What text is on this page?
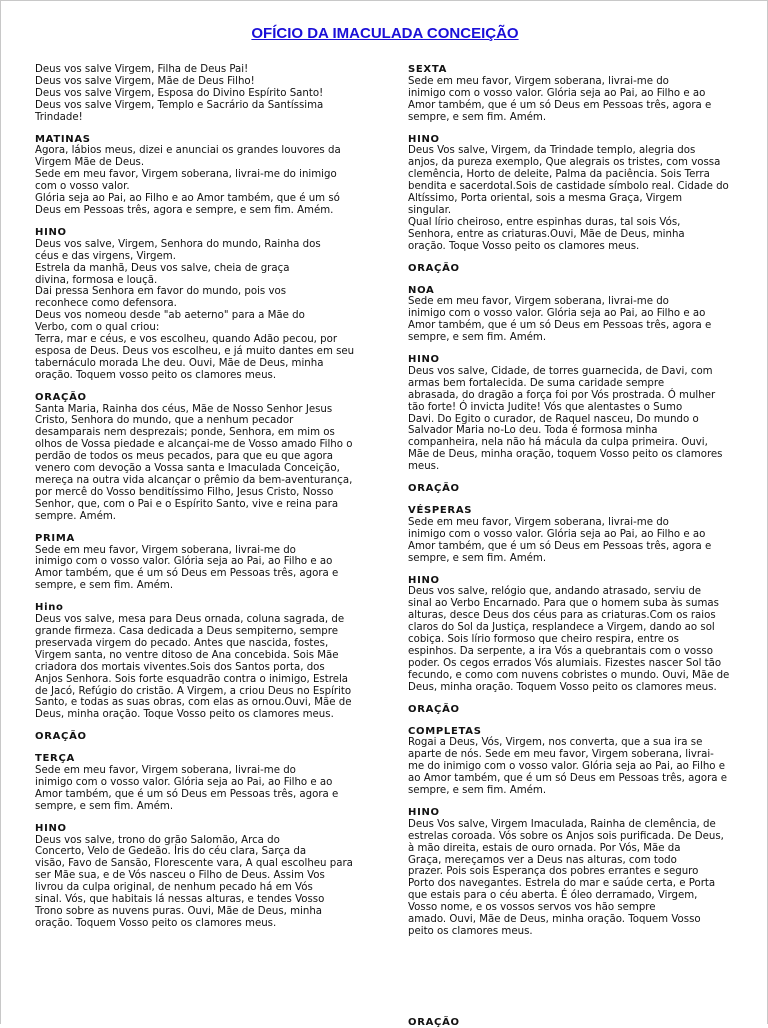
OFÍCIO DA IMACULADA CONCEIÇÃO

Deus vos salve Virgem, Filha de Deus Pai!
Deus vos salve Virgem, Mãe de Deus Filho!
Deus vos salve Virgem, Esposa do Divino Espírito Santo!
Deus vos salve Virgem, Templo e Sacrário da Santíssima
Trindade!

MATINAS

Agora, lábios meus, dizei e anunciai os grandes louvores da
Virgem Mãe de Deus.
Sede em meu favor, Virgem soberana, livrai-me do inimigo
com o vosso valor.
Glória seja ao Pai, ao Filho e ao Amor também, que é um só
Deus em Pessoas três, agora e sempre, e sem fim. Amém.

HINO

Deus vos salve, Virgem, Senhora do mundo, Rainha dos
céus e das virgens, Virgem.
Estrela da manhã, Deus vos salve, cheia de graça
divina, formosa e louçã.
Dai pressa Senhora em favor do mundo, pois vos
reconhece como defensora.
Deus vos nomeou desde "ab aeterno" para a Mãe do
Verbo, com o qual criou:
Terra, mar e céus, e vos escolheu, quando Adão pecou, por
esposa de Deus. Deus vos escolheu, e já muito dantes em seu
tabernáculo morada Lhe deu. Ouvi, Mãe de Deus, minha
oração. Toquem vosso peito os clamores meus.

ORAÇÃO

Santa Maria, Rainha dos céus, Mãe de Nosso Senhor Jesus
Cristo, Senhora do mundo, que a nenhum pecador
desamparais nem desprezais; ponde, Senhora, em mim os
olhos de Vossa piedade e alcançai-me de Vosso amado Filho o
perdão de todos os meus pecados, para que eu que agora
venero com devoção a Vossa santa e Imaculada Conceição,
mereça na outra vida alcançar o prêmio da bem-aventurança,
por mercê do Vosso benditíssimo Filho, Jesus Cristo, Nosso
Senhor, que, com o Pai e o Espírito Santo, vive e reina para
sempre. Amém.

PRIMA

Sede em meu favor, Virgem soberana, livrai-me do
inimigo com o vosso valor. Glória seja ao Pai, ao Filho e ao
Amor também, que é um só Deus em Pessoas três, agora e
sempre, e sem fim. Amém.

Hino

Deus vos salve, mesa para Deus ornada, coluna sagrada, de
grande firmeza. Casa dedicada a Deus sempiterno, sempre
preservada virgem do pecado. Antes que nascida, fostes,
Virgem santa, no ventre ditoso de Ana concebida. Sois Mãe
criadora dos mortais viventes.Sois dos Santos porta, dos
Anjos Senhora. Sois forte esquadrão contra o inimigo, Estrela
de Jacó, Refúgio do cristão. A Virgem, a criou Deus no Espírito
Santo, e todas as suas obras, com elas as ornou.Ouvi, Mãe de
Deus, minha oração. Toque Vosso peito os clamores meus.

ORAÇÃO

TERÇA

Sede em meu favor, Virgem soberana, livrai-me do
inimigo com o vosso valor. Glória seja ao Pai, ao Filho e ao
Amor também, que é um só Deus em Pessoas três, agora e
sempre, e sem fim. Amém.

HINO

Deus vos salve, trono do grão Salomão, Arca do
Concerto, Velo de Gedeão. Íris do céu clara, Sarça da
visão, Favo de Sansão, Florescente vara, A qual escolheu para
ser Mãe sua, e de Vós nasceu o Filho de Deus. Assim Vos
livrou da culpa original, de nenhum pecado há em Vós
sinal. Vós, que habitais lá nessas alturas, e tendes Vosso
Trono sobre as nuvens puras. Ouvi, Mãe de Deus, minha
oração. Toquem Vosso peito os clamores meus.

SEXTA

Sede em meu favor, Virgem soberana, livrai-me do
inimigo com o vosso valor. Glória seja ao Pai, ao Filho e ao
Amor também, que é um só Deus em Pessoas três, agora e
sempre, e sem fim. Amém.

HINO

Deus Vos salve, Virgem, da Trindade templo, alegria dos
anjos, da pureza exemplo, Que alegrais os tristes, com vossa
clemência, Horto de deleite, Palma da paciência. Sois Terra
bendita e sacerdotal.Sois de castidade símbolo real. Cidade do
Altíssimo, Porta oriental, sois a mesma Graça, Virgem
singular.
Qual lírio cheiroso, entre espinhas duras, tal sois Vós,
Senhora, entre as criaturas.Ouvi, Mãe de Deus, minha
oração. Toque Vosso peito os clamores meus.

ORAÇÃO

NOA

Sede em meu favor, Virgem soberana, livrai-me do
inimigo com o vosso valor. Glória seja ao Pai, ao Filho e ao
Amor também, que é um só Deus em Pessoas três, agora e
sempre, e sem fim. Amém.

HINO

Deus vos salve, Cidade, de torres guarnecida, de Davi, com
armas bem fortalecida. De suma caridade sempre
abrasada, do dragão a força foi por Vós prostrada. Ó mulher
tão forte! Ó invicta Judite! Vós que alentastes o Sumo
Davi. Do Egito o curador, de Raquel nasceu, Do mundo o
Salvador Maria no-Lo deu. Toda é formosa minha
companheira, nela não há mácula da culpa primeira. Ouvi,
Mãe de Deus, minha oração, toquem Vosso peito os clamores
meus.

ORAÇÃO

VÉSPERAS

Sede em meu favor, Virgem soberana, livrai-me do
inimigo com o vosso valor. Glória seja ao Pai, ao Filho e ao
Amor também, que é um só Deus em Pessoas três, agora e
sempre, e sem fim. Amém.

HINO

Deus vos salve, relógio que, andando atrasado, serviu de
sinal ao Verbo Encarnado. Para que o homem suba às sumas
alturas, desce Deus dos céus para as criaturas.Com os raios
claros do Sol da Justiça, resplandece a Virgem, dando ao sol
cobiça. Sois lírio formoso que cheiro respira, entre os
espinhos. Da serpente, a ira Vós a quebrantais com o vosso
poder. Os cegos errados Vós alumiais. Fizestes nascer Sol tão
fecundo, e como com nuvens cobristes o mundo. Ouvi, Mãe de
Deus, minha oração. Toquem Vosso peito os clamores meus.

ORAÇÃO

COMPLETAS

Rogai a Deus, Vós, Virgem, nos converta, que a sua ira se
aparte de nós. Sede em meu favor, Virgem soberana, livrai-
me do inimigo com o vosso valor. Glória seja ao Pai, ao Filho e
ao Amor também, que é um só Deus em Pessoas três, agora e
sempre, e sem fim. Amém.

HINO

Deus Vos salve, Virgem Imaculada, Rainha de clemência, de
estrelas coroada. Vós sobre os Anjos sois purificada. De Deus,
à mão direita, estais de ouro ornada. Por Vós, Mãe da
Graça, mereçamos ver a Deus nas alturas, com todo
prazer. Pois sois Esperança dos pobres errantes e seguro
Porto dos navegantes. Estrela do mar e saúde certa, e Porta
que estais para o céu aberta. É óleo derramado, Virgem,
Vosso nome, e os vossos servos vos hão sempre
amado. Ouvi, Mãe de Deus, minha oração. Toquem Vosso
peito os clamores meus.

ORAÇÃO
